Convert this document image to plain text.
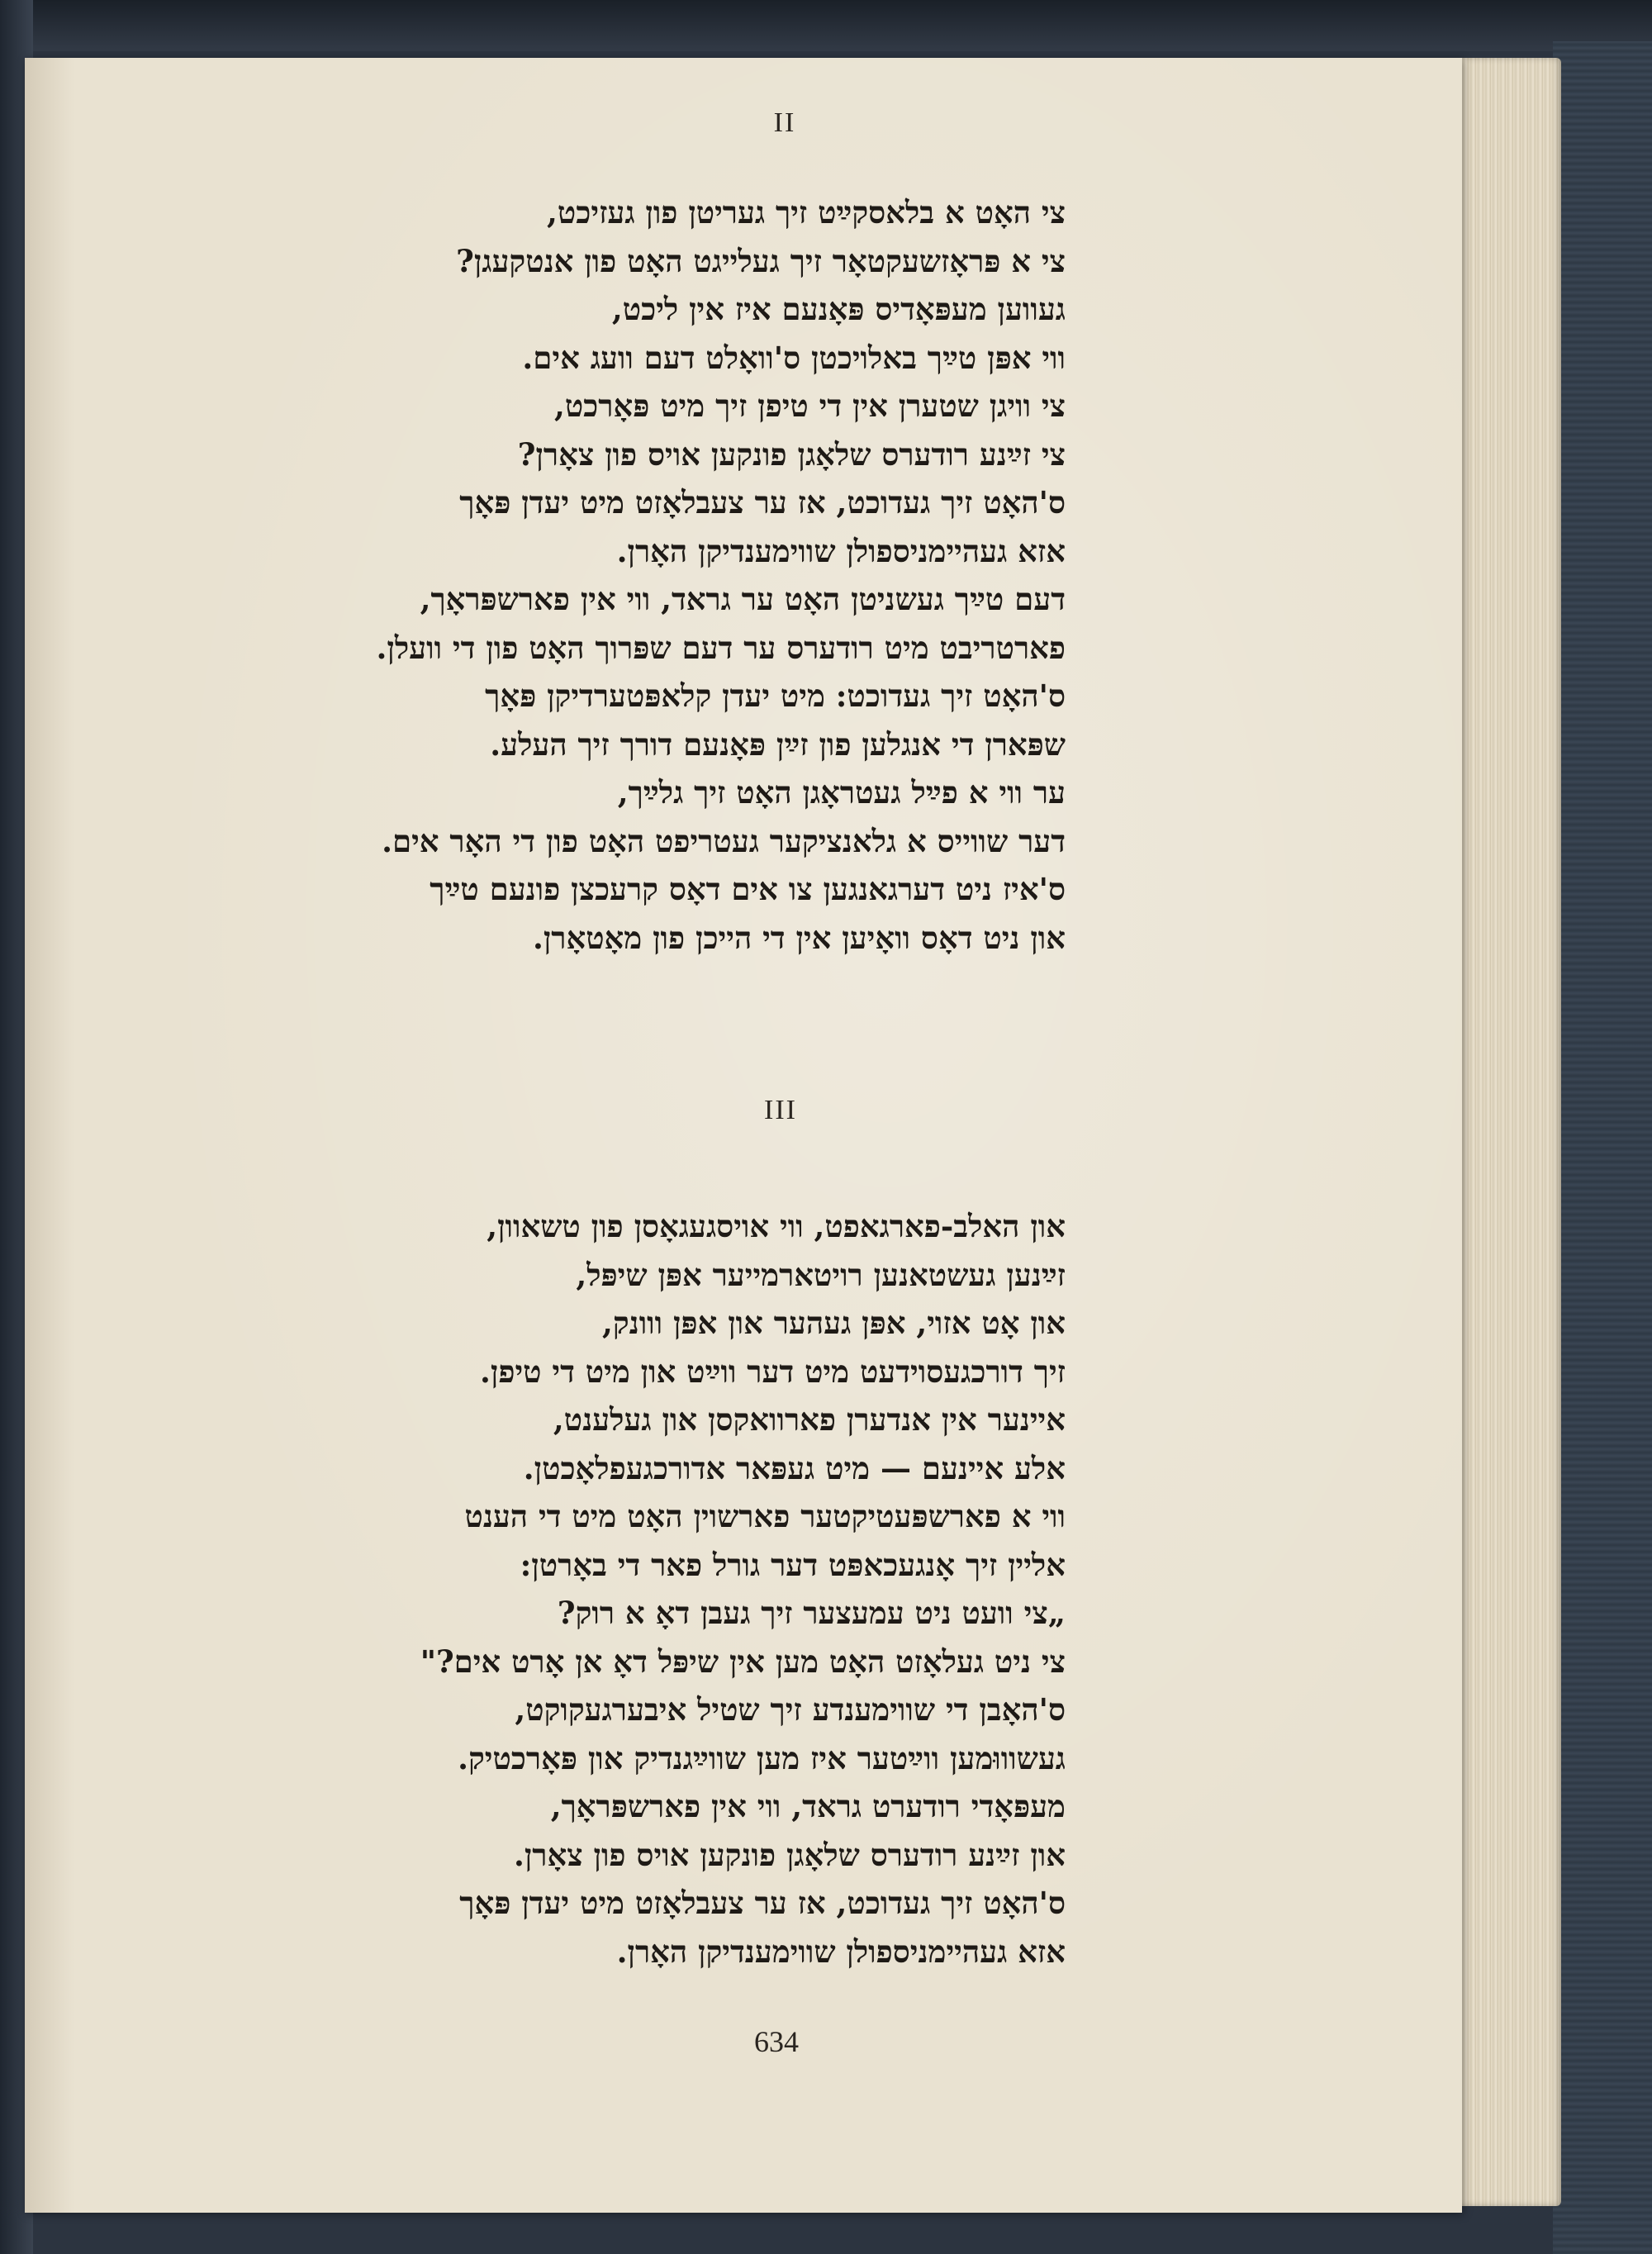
II
צי האָט א בלאסקײַט זיך געריטן פון געזיכט,
צי א פּראָזשעקטאָר זיך געלייגט האָט פון אנטקעגן?
געווען מעפּאָדיס פּאָנעם איז אין ליכט,
ווי אפּן טײַך באלויכטן ס'וואָלט דעם וועג אים.
צי וויגן שטערן אין די טיפן זיך מיט פּאָרכט,
צי זײַנע רודערס שלאָגן פונקען אויס פון צאָרן?
ס'האָט זיך געדוכט, אז ער צעבלאָזט מיט יעדן פּאָך
אזא געהיימניספולן שווימענדיקן האָרן.
דעם טײַך געשניטן האָט ער גראד, ווי אין פארשפּראָך,
פארטריבט מיט רודערס ער דעם שפּרוך האָט פון די וועלן.
ס'האָט זיך געדוכט: מיט יעדן קלאפּטערדיקן פּאָך
שפּארן די אנגלען פון זײַן פּאָנעם דורך זיך העלע.
ער ווי א פײַל געטראָגן האָט זיך גלײַך,
דער שווייס א גלאנציקער געטריפט האָט פון די האָר אים.
ס'איז ניט דערגאנגען צו אים דאָס קרעכצן פונעם טײַך
און ניט דאָס וואָיען אין די הייכן פון מאָטאָרן.
III
און האלב-פארגאפט, ווי אויסגעגאָסן פון טשאוון,
זײַנען געשטאנען רויטארמייער אפּן שיפּל,
און אָט אזוי, אפּן געהער און אפּן ווונק,
זיך דורכגעסוידעט מיט דער ווײַט און מיט די טיפן.
איינער אין אנדערן פארוואקסן און געלענט,
אלע איינעם — מיט געפּאר אדורכגעפלאָכטן.
ווי א פארשפּעטיקטער פארשוין האָט מיט די הענט
אליין זיך אָנגעכאפּט דער גורל פאר די באָרטן:
„צי וועט ניט עמעצער זיך געבן דאָ א רוק?
צי ניט געלאָזט האָט מען אין שיפּל דאָ אן אָרט אים?"
ס'האָבן די שווימענדע זיך שטיל איבערגעקוקט,
געשוווּמען ווײַטער איז מען שווײַגנדיק און פּאָרכטיק.
מעפּאָדי רודערט גראד, ווי אין פארשפּראָך,
און זײַנע רודערס שלאָגן פונקען אויס פון צאָרן.
ס'האָט זיך געדוכט, אז ער צעבלאָזט מיט יעדן פּאָך
אזא געהיימניספולן שווימענדיקן האָרן.
634
